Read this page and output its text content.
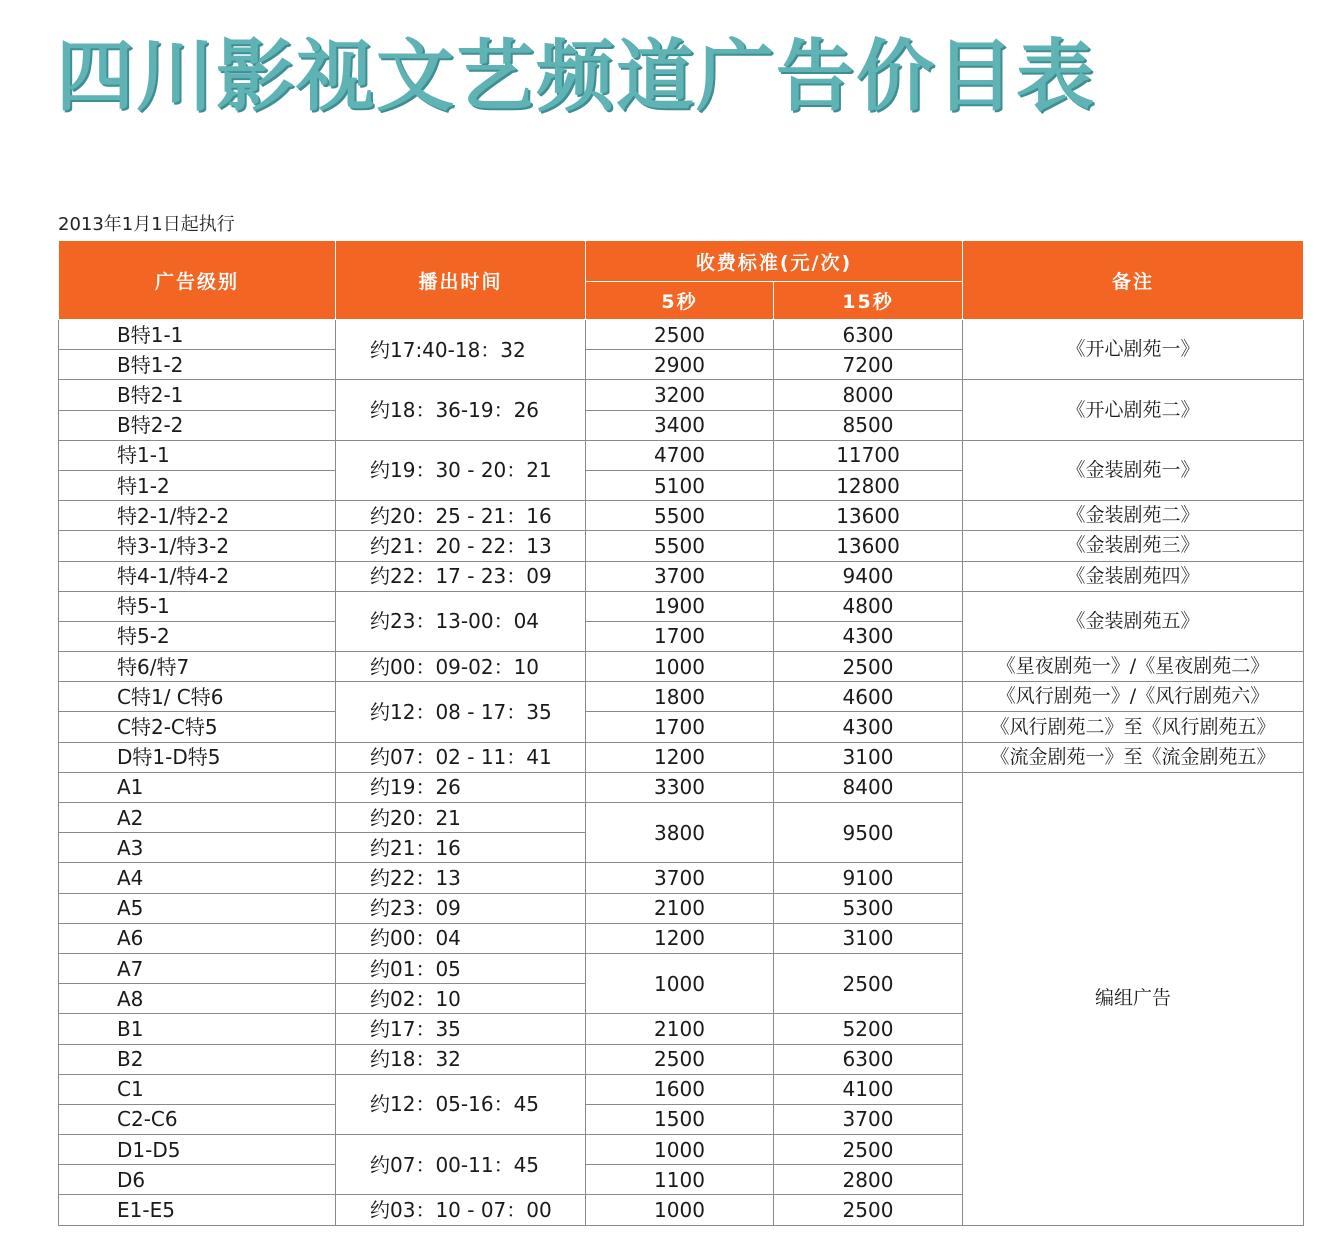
四川影视文艺频道广告价目表
2013年1月1日起执行
广告级别	播出时间	收费标准(元/次)		备注
		5秒	15秒	
B特1-1	约17:40-18：32	2500	6300	《开心剧苑一》
B特1-2		2900	7200	
B特2-1	约18：36-19：26	3200	8000	《开心剧苑二》
B特2-2		3400	8500	
特1-1	约19：30 - 20：21	4700	11700	《金装剧苑一》
特1-2		5100	12800	
特2-1/特2-2	约20：25 - 21：16	5500	13600	《金装剧苑二》
特3-1/特3-2	约21：20 - 22：13	5500	13600	《金装剧苑三》
特4-1/特4-2	约22：17 - 23：09	3700	9400	《金装剧苑四》
特5-1	约23：13-00：04	1900	4800	《金装剧苑五》
特5-2		1700	4300	
特6/特7	约00：09-02：10	1000	2500	《星夜剧苑一》/《星夜剧苑二》
C特1/ C特6	约12：08 - 17：35	1800	4600	《风行剧苑一》/《风行剧苑六》
C特2-C特5		1700	4300	《风行剧苑二》至《风行剧苑五》
D特1-D特5	约07：02 - 11：41	1200	3100	《流金剧苑一》至《流金剧苑五》
A1	约19：26	3300	8400	编组广告
A2	约20：21	3800	9500	
A3	约21：16			
A4	约22：13	3700	9100	
A5	约23：09	2100	5300	
A6	约00：04	1200	3100	
A7	约01：05	1000	2500	
A8	约02：10			
B1	约17：35	2100	5200	
B2	约18：32	2500	6300	
C1	约12：05-16：45	1600	4100	
C2-C6		1500	3700	
D1-D5	约07：00-11：45	1000	2500	
D6		1100	2800	
E1-E5	约03：10 - 07：00	1000	2500	
